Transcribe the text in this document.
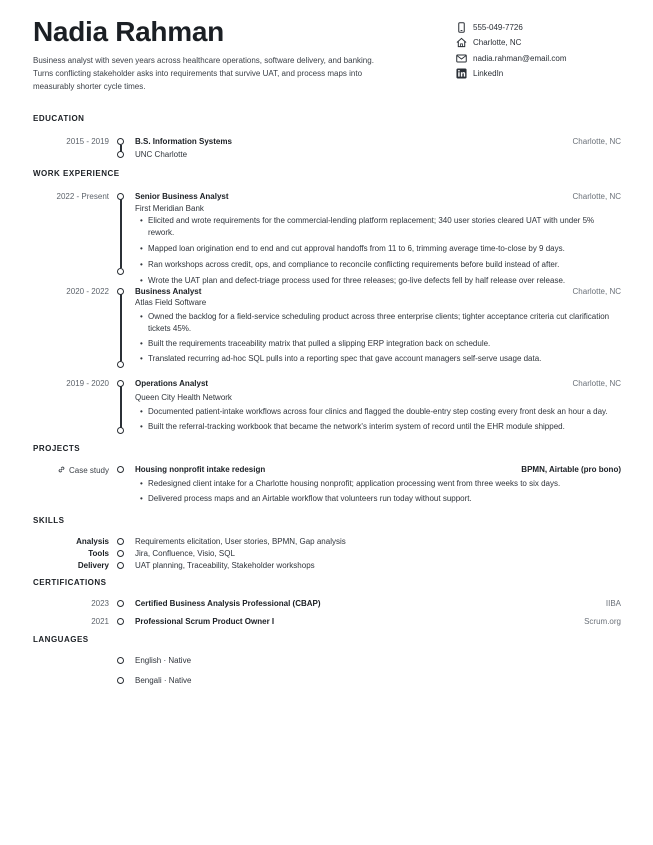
Nadia Rahman
Business analyst with seven years across healthcare operations, software delivery, and banking. Turns conflicting stakeholder asks into requirements that survive UAT, and process maps into measurably shorter cycle times.
555-049-7726
Charlotte, NC
nadia.rahman@email.com
LinkedIn
EDUCATION
2015 - 2019	B.S. Information Systems	Charlotte, NC
UNC Charlotte
WORK EXPERIENCE
2022 - Present	Senior Business Analyst	Charlotte, NC
First Meridian Bank
• Elicited and wrote requirements for the commercial-lending platform replacement; 340 user stories cleared UAT with under 5% rework.
• Mapped loan origination end to end and cut approval handoffs from 11 to 6, trimming average time-to-close by 9 days.
• Ran workshops across credit, ops, and compliance to reconcile conflicting requirements before build instead of after.
• Wrote the UAT plan and defect-triage process used for three releases; go-live defects fell by half release over release.
2020 - 2022	Business Analyst	Charlotte, NC
Atlas Field Software
• Owned the backlog for a field-service scheduling product across three enterprise clients; tighter acceptance criteria cut clarification tickets 45%.
• Built the requirements traceability matrix that pulled a slipping ERP integration back on schedule.
• Translated recurring ad-hoc SQL pulls into a reporting spec that gave account managers self-serve usage data.
2019 - 2020	Operations Analyst	Charlotte, NC
Queen City Health Network
• Documented patient-intake workflows across four clinics and flagged the double-entry step costing every front desk an hour a day.
• Built the referral-tracking workbook that became the network's interim system of record until the EHR module shipped.
PROJECTS
Case study	Housing nonprofit intake redesign	BPMN, Airtable (pro bono)
• Redesigned client intake for a Charlotte housing nonprofit; application processing went from three weeks to six days.
• Delivered process maps and an Airtable workflow that volunteers run today without support.
SKILLS
Analysis	Requirements elicitation, User stories, BPMN, Gap analysis
Tools	Jira, Confluence, Visio, SQL
Delivery	UAT planning, Traceability, Stakeholder workshops
CERTIFICATIONS
2023	Certified Business Analysis Professional (CBAP)	IIBA
2021	Professional Scrum Product Owner I	Scrum.org
LANGUAGES
English · Native
Bengali · Native
